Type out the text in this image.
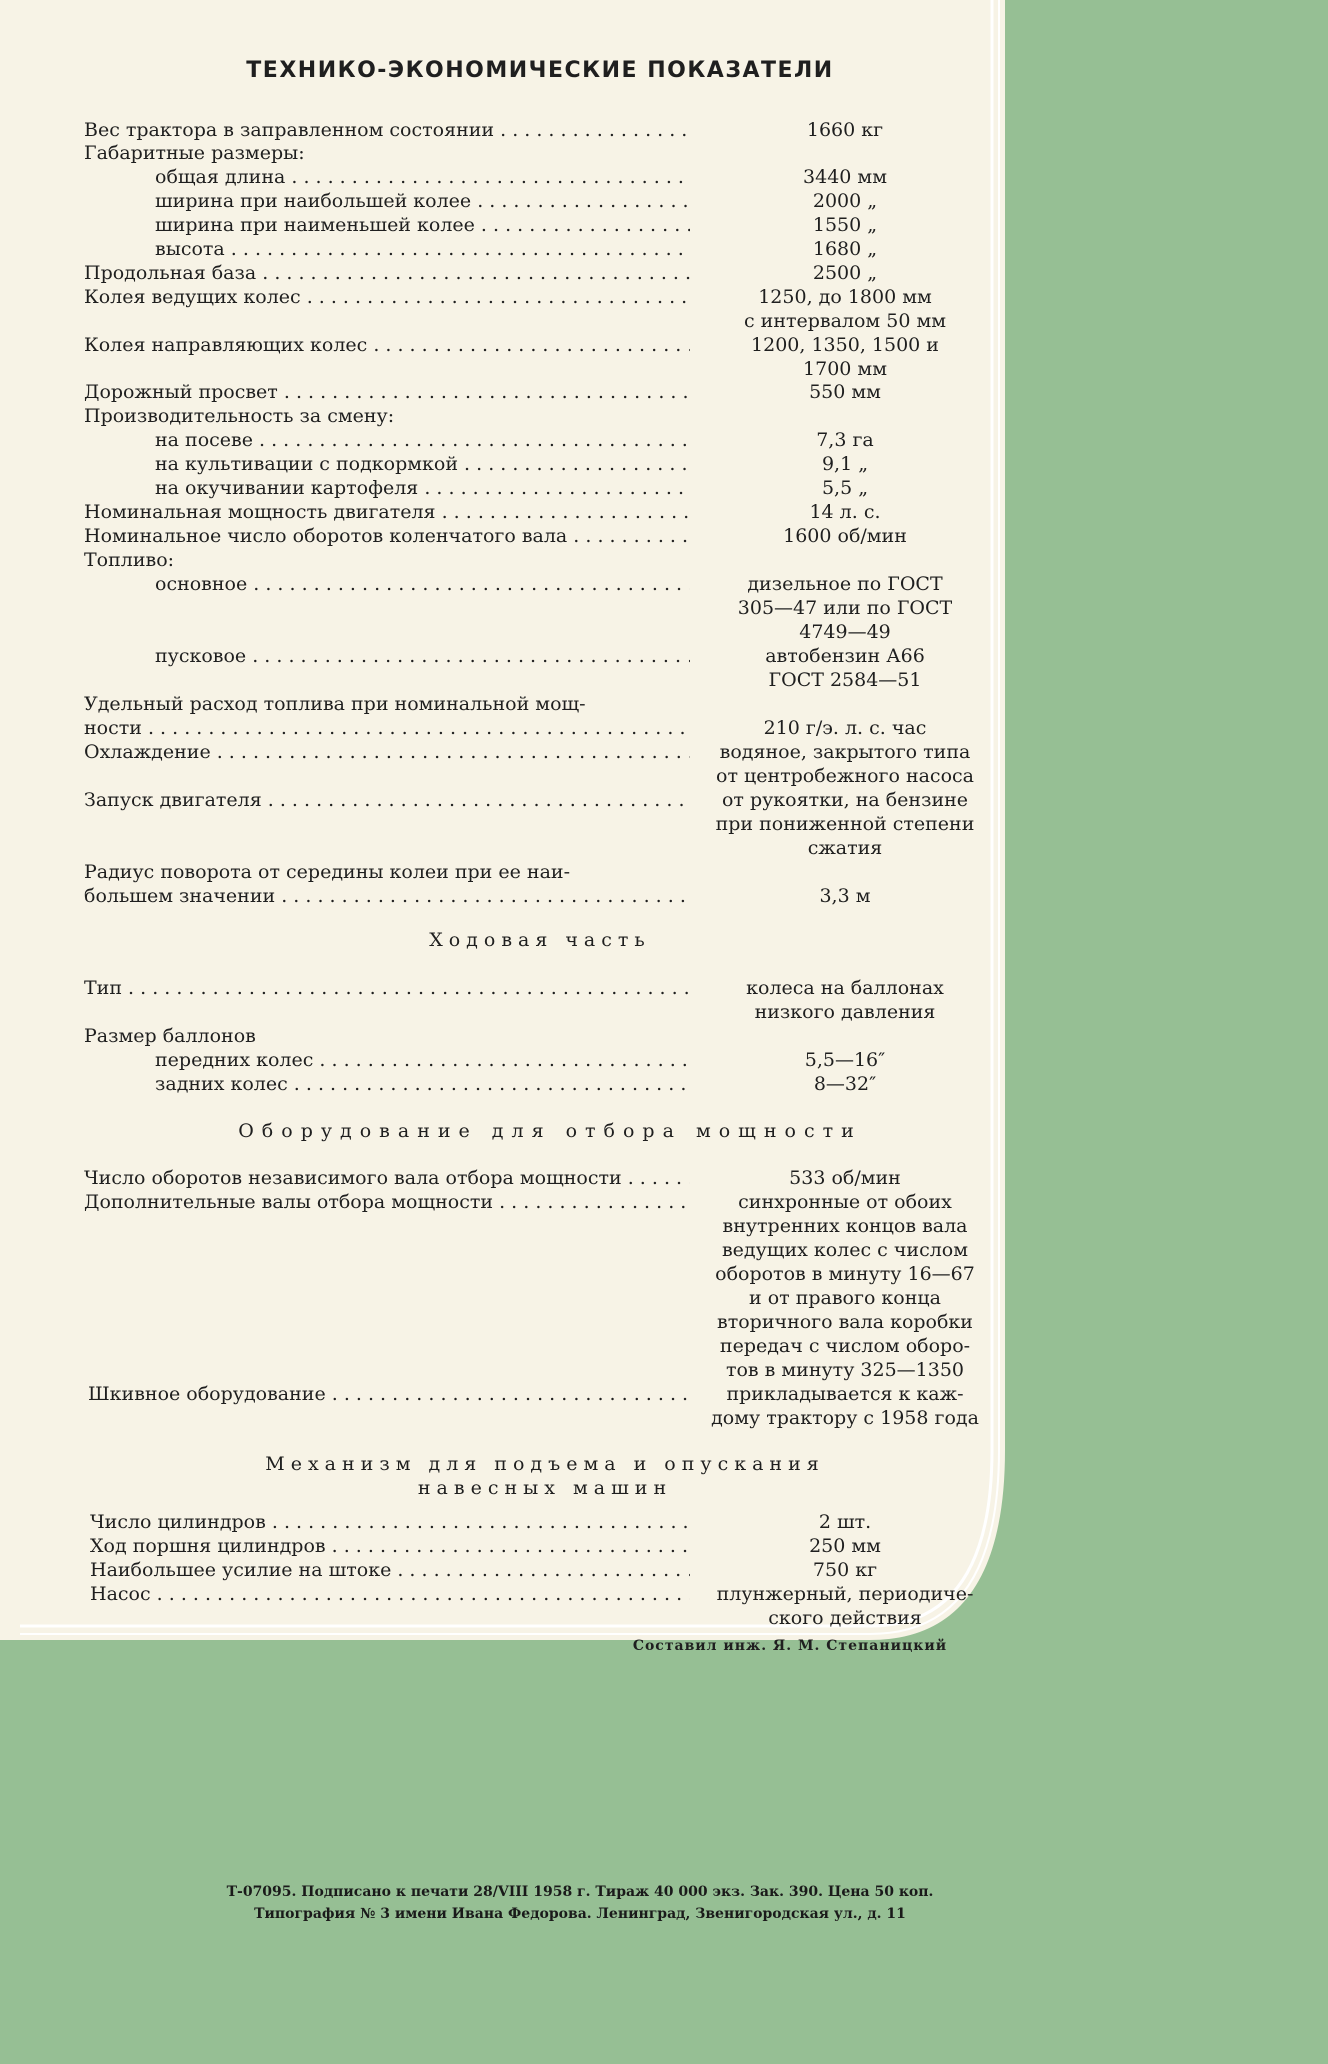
ТЕХНИКО-ЭКОНОМИЧЕСКИЕ ПОКАЗАТЕЛИ
Вес трактора в заправленном состоянии . . .	1660 кг
Габаритные размеры:
общая длина . . .	3440 мм
ширина при наибольшей колее . . .	2000 „
ширина при наименьшей колее . . .	1550 „
высота . . .	1680 „
Продольная база . . .	2500 „
Колея ведущих колес . . .	1250, до 1800 мм
с интервалом 50 мм
Колея направляющих колес . . .	1200, 1350, 1500 и
1700 мм
Дорожный просвет . . .	550 мм
Производительность за смену:
на посеве . . .	7,3 га
на культивации с подкормкой . . .	9,1 „
на окучивании картофеля . . .	5,5 „
Номинальная мощность двигателя . . .	14 л. с.
Номинальное число оборотов коленчатого вала . . .	1600 об/мин
Топливо:
основное . . .	дизельное по ГОСТ
305—47 или по ГОСТ
4749—49
пусковое . . .	автобензин А66
ГОСТ 2584—51
Удельный расход топлива при номинальной мощ-
ности . . .	210 г/э. л. с. час
Охлаждение . . .	водяное, закрытого типа
от центробежного насоса
Запуск двигателя . . .	от рукоятки, на бензине
при пониженной степени
сжатия
Радиус поворота от середины колеи при ее наи-
большем значении . . .	3,3 м
Ходовая часть
Тип . . .	колеса на баллонах
низкого давления
Размер баллонов
передних колес . . .	5,5—16″
задних колес . . .	8—32″
Оборудование для отбора мощности
Число оборотов независимого вала отбора мощности . . .	533 об/мин
Дополнительные валы отбора мощности . . .	синхронные от обоих
внутренних концов вала
ведущих колес с числом
оборотов в минуту 16—67
и от правого конца
вторичного вала коробки
передач с числом оборо-
тов в минуту 325—1350
Шкивное оборудование . . .	прикладывается к каж-
дому трактору с 1958 года
Механизм для подъема и опускания
навесных машин
Число цилиндров . . .	2 шт.
Ход поршня цилиндров . . .	250 мм
Наибольшее усилие на штоке . . .	750 кг
Насос . . .	плунжерный, периодиче-
ского действия
Составил инж. Я. М. Степаницкий
Т-07095. Подписано к печати 28/VIII 1958 г. Тираж 40 000 экз. Зак. 390. Цена 50 коп.
Типография № 3 имени Ивана Федорова. Ленинград, Звенигородская ул., д. 11
